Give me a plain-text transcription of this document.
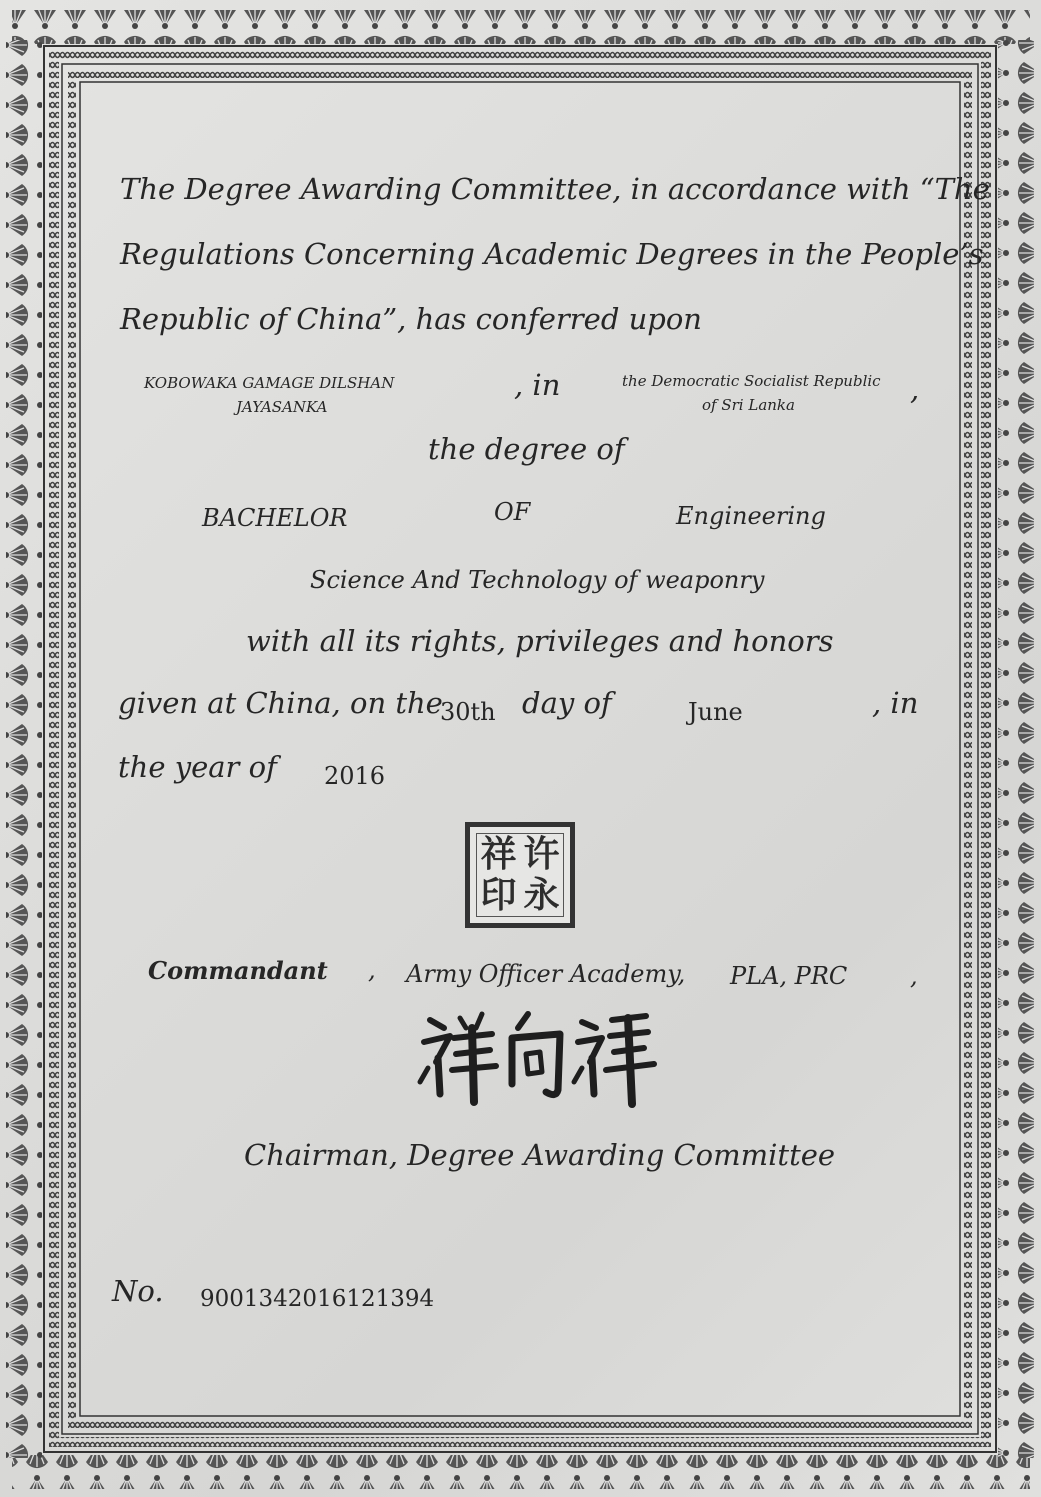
The Degree Awarding Committee, in accordance with “The
Regulations Concerning Academic Degrees in the People’s
Republic of China”, has conferred upon
KOBOWAKA GAMAGE DILSHAN
JAYASANKA
, in	the Democratic Socialist Republic
of Sri Lanka	,
the degree of
BACHELOR	OF	Engineering
Science And Technology of weaponry
with all its rights, privileges and honors
given at China, on the
30th day of	June	, in
the year of 2016
祥 许
印 永
Commandant , Army Officer Academy, PLA, PRC	,
Chairman, Degree Awarding Committee
No. 9001342016121394
